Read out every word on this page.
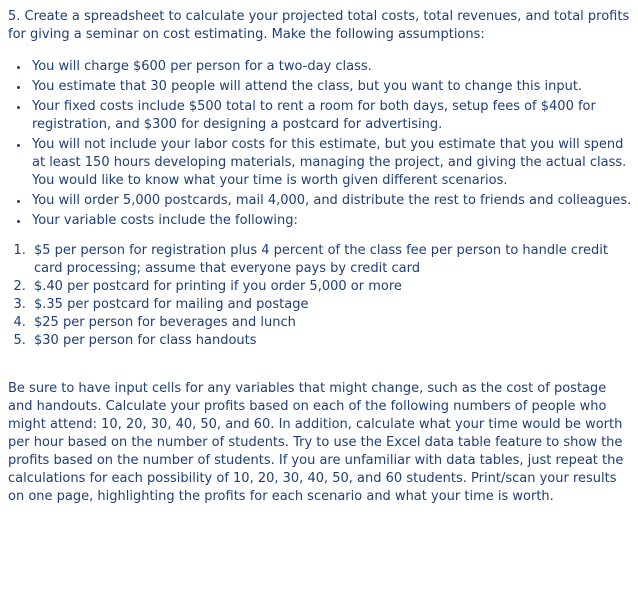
5. Create a spreadsheet to calculate your projected total costs, total revenues, and total profits for giving a seminar on cost estimating. Make the following assumptions:

• You will charge $600 per person for a two-day class.
• You estimate that 30 people will attend the class, but you want to change this input.
• Your fixed costs include $500 total to rent a room for both days, setup fees of $400 for registration, and $300 for designing a postcard for advertising.
• You will not include your labor costs for this estimate, but you estimate that you will spend at least 150 hours developing materials, managing the project, and giving the actual class. You would like to know what your time is worth given different scenarios.
• You will order 5,000 postcards, mail 4,000, and distribute the rest to friends and colleagues.
• Your variable costs include the following:
1. $5 per person for registration plus 4 percent of the class fee per person to handle credit card processing; assume that everyone pays by credit card
2. $.40 per postcard for printing if you order 5,000 or more
3. $.35 per postcard for mailing and postage
4. $25 per person for beverages and lunch
5. $30 per person for class handouts

Be sure to have input cells for any variables that might change, such as the cost of postage and handouts. Calculate your profits based on each of the following numbers of people who might attend: 10, 20, 30, 40, 50, and 60. In addition, calculate what your time would be worth per hour based on the number of students. Try to use the Excel data table feature to show the profits based on the number of students. If you are unfamiliar with data tables, just repeat the calculations for each possibility of 10, 20, 30, 40, 50, and 60 students. Print/scan your results on one page, highlighting the profits for each scenario and what your time is worth.
